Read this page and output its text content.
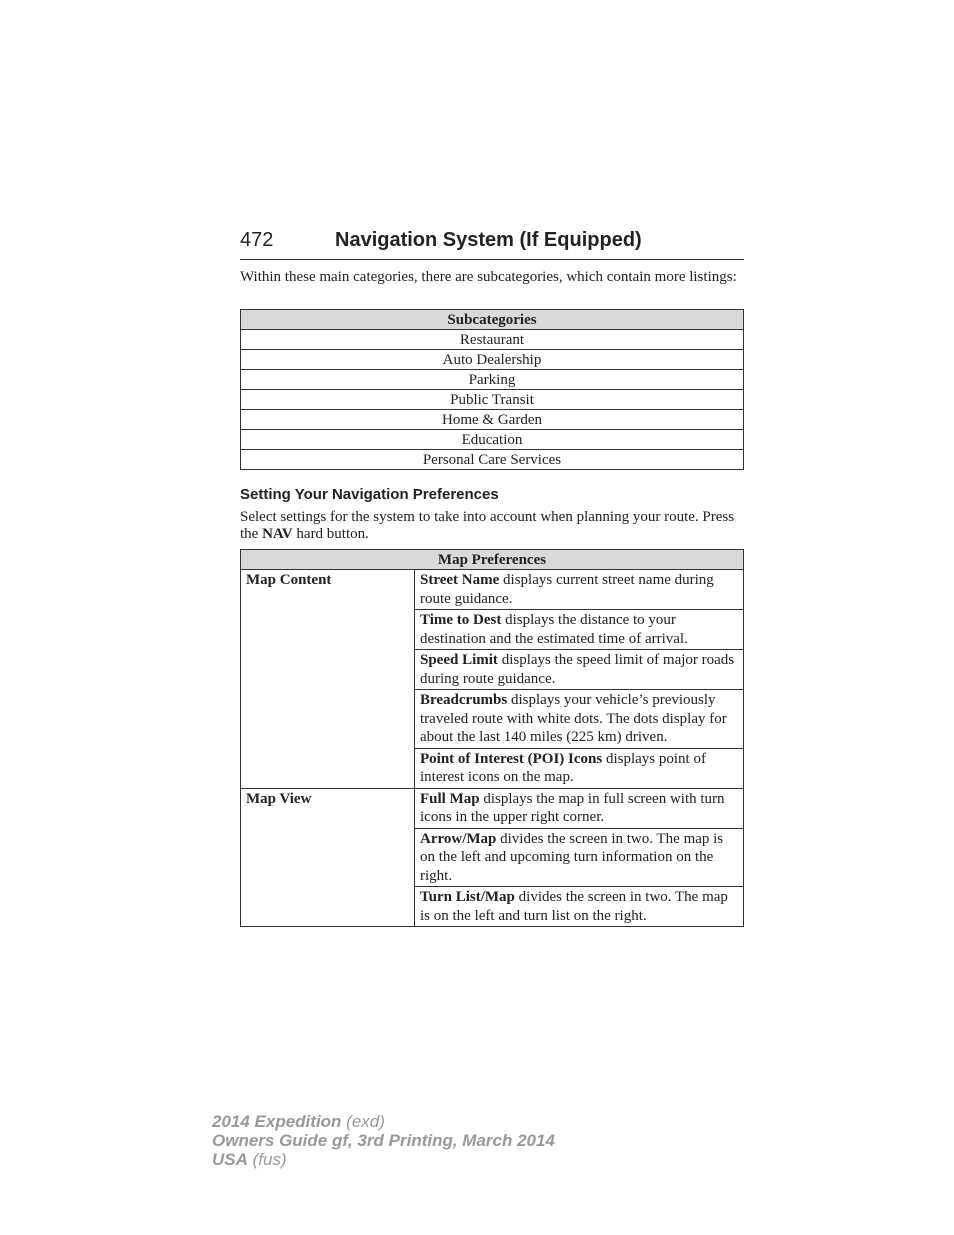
472	Navigation System (If Equipped)
Within these main categories, there are subcategories, which contain more listings:
Subcategories
Restaurant
Auto Dealership
Parking
Public Transit
Home & Garden
Education
Personal Care Services
Setting Your Navigation Preferences
Select settings for the system to take into account when planning your route. Press the NAV hard button.
Map Preferences	
Map Content	Street Name displays current street name during route guidance.
	Time to Dest displays the distance to your destination and the estimated time of arrival.
	Speed Limit displays the speed limit of major roads during route guidance.
	Breadcrumbs displays your vehicle’s previously traveled route with white dots. The dots display for about the last 140 miles (225 km) driven.
	Point of Interest (POI) Icons displays point of interest icons on the map.
Map View	Full Map displays the map in full screen with turn icons in the upper right corner.
	Arrow/Map divides the screen in two. The map is on the left and upcoming turn information on the right.
	Turn List/Map divides the screen in two. The map is on the left and turn list on the right.
2014 Expedition (exd)
Owners Guide gf, 3rd Printing, March 2014
USA (fus)
